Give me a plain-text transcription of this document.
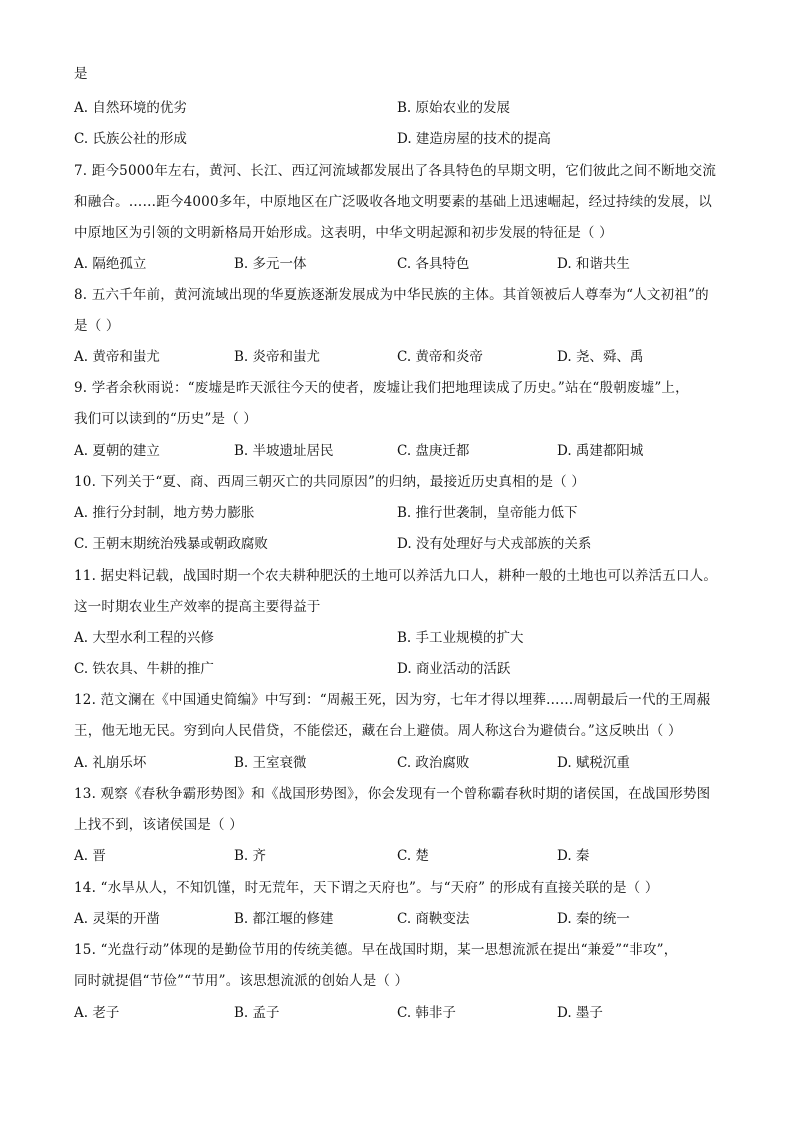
是
A. 自然环境的优劣	B. 原始农业的发展
C. 氏族公社的形成	D. 建造房屋的技术的提高
7. 距今5000年左右，黄河、长江、西辽河流域都发展出了各具特色的早期文明，它们彼此之间不断地交流
和融合。……距今4000多年，中原地区在广泛吸收各地文明要素的基础上迅速崛起，经过持续的发展，以
中原地区为引领的文明新格局开始形成。这表明，中华文明起源和初步发展的特征是（ ）
A. 隔绝孤立	B. 多元一体	C. 各具特色	D. 和谐共生
8. 五六千年前，黄河流域出现的华夏族逐渐发展成为中华民族的主体。其首领被后人尊奉为“人文初祖”的
是（ ）
A. 黄帝和蚩尤	B. 炎帝和蚩尤	C. 黄帝和炎帝	D. 尧、舜、禹
9. 学者余秋雨说：“废墟是昨天派往今天的使者，废墟让我们把地理读成了历史。”站在“殷朝废墟”上，
我们可以读到的“历史”是（ ）
A. 夏朝的建立	B. 半坡遗址居民	C. 盘庚迁都	D. 禹建都阳城
10. 下列关于“夏、商、西周三朝灭亡的共同原因”的归纳，最接近历史真相的是（ ）
A. 推行分封制，地方势力膨胀	B. 推行世袭制，皇帝能力低下
C. 王朝末期统治残暴或朝政腐败	D. 没有处理好与犬戎部族的关系
11. 据史料记载，战国时期一个农夫耕种肥沃的土地可以养活九口人，耕种一般的土地也可以养活五口人。
这一时期农业生产效率的提高主要得益于
A. 大型水利工程的兴修	B. 手工业规模的扩大
C. 铁农具、牛耕的推广	D. 商业活动的活跃
12. 范文澜在《中国通史简编》中写到：“周赧王死，因为穷，七年才得以埋葬……周朝最后一代的王周赧
王，他无地无民。穷到向人民借贷，不能偿还，藏在台上避债。周人称这台为避债台。”这反映出（ ）
A. 礼崩乐坏	B. 王室衰微	C. 政治腐败	D. 赋税沉重
13. 观察《春秋争霸形势图》和《战国形势图》，你会发现有一个曾称霸春秋时期的诸侯国，在战国形势图
上找不到，该诸侯国是（ ）
A. 晋	B. 齐	C. 楚	D. 秦
14. “水旱从人，不知饥馑，时无荒年，天下谓之天府也”。与“天府” 的形成有直接关联的是（ ）
A. 灵渠的开凿	B. 都江堰的修建	C. 商鞅变法	D. 秦的统一
15. “光盘行动”体现的是勤俭节用的传统美德。早在战国时期，某一思想流派在提出“兼爱”“非攻”，
同时就提倡“节俭”“节用”。该思想流派的创始人是（ ）
A. 老子	B. 孟子	C. 韩非子	D. 墨子
